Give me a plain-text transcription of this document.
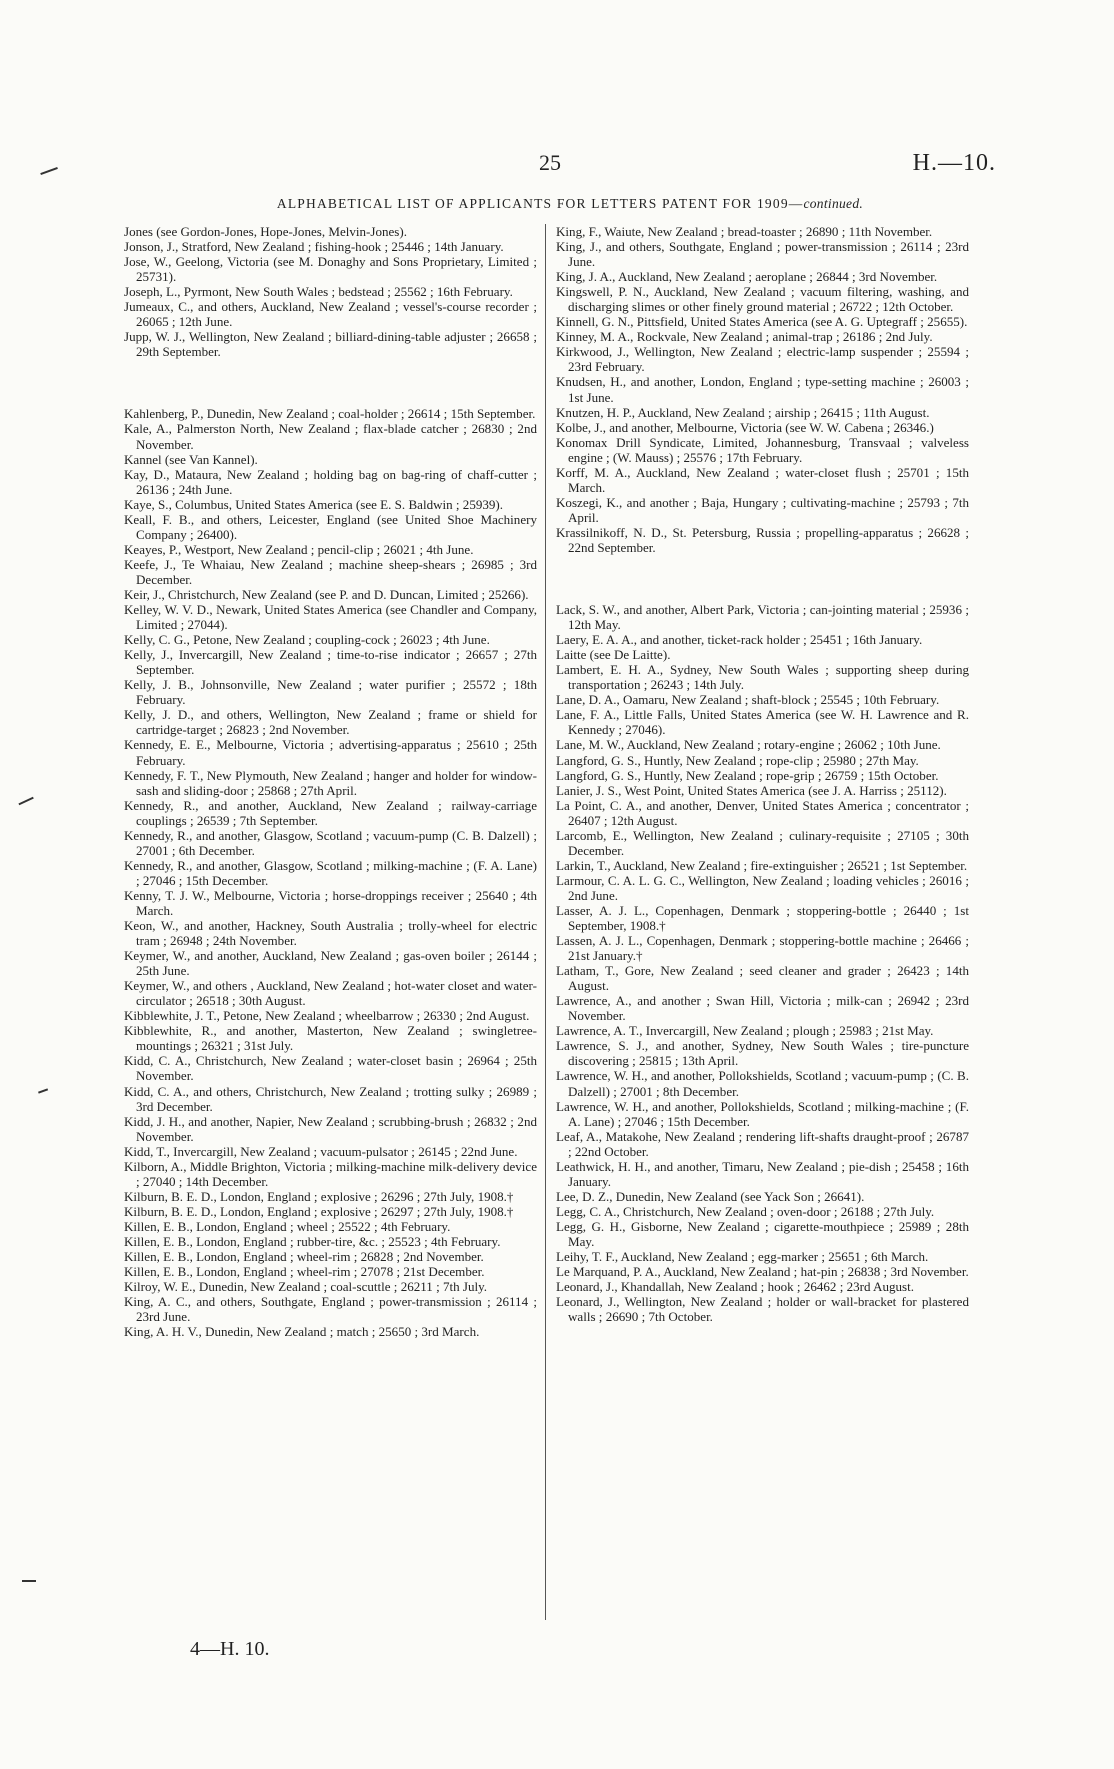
25	H.—10.
ALPHABETICAL LIST OF APPLICANTS FOR LETTERS PATENT FOR 1909—continued.

Jones (see Gordon-Jones, Hope-Jones, Melvin-Jones).

Jonson, J., Stratford, New Zealand ; fishing-hook ; 25446 ; 14th January.

Jose, W., Geelong, Victoria (see M. Donaghy and Sons Proprietary, Limited ; 25731).

Joseph, L., Pyrmont, New South Wales ; bedstead ; 25562 ; 16th February.

Jumeaux, C., and others, Auckland, New Zealand ; vessel's-course recorder ; 26065 ; 12th June.

Jupp, W. J., Wellington, New Zealand ; billiard-dining-table adjuster ; 26658 ; 29th September.

Kahlenberg, P., Dunedin, New Zealand ; coal-holder ; 26614 ; 15th September.

Kale, A., Palmerston North, New Zealand ; flax-blade catcher ; 26830 ; 2nd November.

Kannel (see Van Kannel).

Kay, D., Mataura, New Zealand ; holding bag on bag-ring of chaff-cutter ; 26136 ; 24th June.

Kaye, S., Columbus, United States America (see E. S. Baldwin ; 25939).

Keall, F. B., and others, Leicester, England (see United Shoe Machinery Company ; 26400).

Keayes, P., Westport, New Zealand ; pencil-clip ; 26021 ; 4th June.

Keefe, J., Te Whaiau, New Zealand ; machine sheep-shears ; 26985 ; 3rd December.

Keir, J., Christchurch, New Zealand (see P. and D. Duncan, Limited ; 25266).

Kelley, W. V. D., Newark, United States America (see Chandler and Company, Limited ; 27044).

Kelly, C. G., Petone, New Zealand ; coupling-cock ; 26023 ; 4th June.

Kelly, J., Invercargill, New Zealand ; time-to-rise indicator ; 26657 ; 27th September.

Kelly, J. B., Johnsonville, New Zealand ; water purifier ; 25572 ; 18th February.

Kelly, J. D., and others, Wellington, New Zealand ; frame or shield for cartridge-target ; 26823 ; 2nd November.

Kennedy, E. E., Melbourne, Victoria ; advertising-apparatus ; 25610 ; 25th February.

Kennedy, F. T., New Plymouth, New Zealand ; hanger and holder for window-sash and sliding-door ; 25868 ; 27th April.

Kennedy, R., and another, Auckland, New Zealand ; railway-carriage couplings ; 26539 ; 7th September.

Kennedy, R., and another, Glasgow, Scotland ; vacuum-pump (C. B. Dalzell) ; 27001 ; 6th December.

Kennedy, R., and another, Glasgow, Scotland ; milking-machine ; (F. A. Lane) ; 27046 ; 15th December.

Kenny, T. J. W., Melbourne, Victoria ; horse-droppings receiver ; 25640 ; 4th March.

Keon, W., and another, Hackney, South Australia ; trolly-wheel for electric tram ; 26948 ; 24th November.

Keymer, W., and another, Auckland, New Zealand ; gas-oven boiler ; 26144 ; 25th June.

Keymer, W., and others , Auckland, New Zealand ; hot-water closet and water-circulator ; 26518 ; 30th August.

Kibblewhite, J. T., Petone, New Zealand ; wheelbarrow ; 26330 ; 2nd August.

Kibblewhite, R., and another, Masterton, New Zealand ; swingletree-mountings ; 26321 ; 31st July.

Kidd, C. A., Christchurch, New Zealand ; water-closet basin ; 26964 ; 25th November.

Kidd, C. A., and others, Christchurch, New Zealand ; trotting sulky ; 26989 ; 3rd December.

Kidd, J. H., and another, Napier, New Zealand ; scrubbing-brush ; 26832 ; 2nd November.

Kidd, T., Invercargill, New Zealand ; vacuum-pulsator ; 26145 ; 22nd June.

Kilborn, A., Middle Brighton, Victoria ; milking-machine milk-delivery device ; 27040 ; 14th December.

Kilburn, B. E. D., London, England ; explosive ; 26296 ; 27th July, 1908.†

Kilburn, B. E. D., London, England ; explosive ; 26297 ; 27th July, 1908.†

Killen, E. B., London, England ; wheel ; 25522 ; 4th February.

Killen, E. B., London, England ; rubber-tire, &c. ; 25523 ; 4th February.

Killen, E. B., London, England ; wheel-rim ; 26828 ; 2nd November.

Killen, E. B., London, England ; wheel-rim ; 27078 ; 21st December.

Kilroy, W. E., Dunedin, New Zealand ; coal-scuttle ; 26211 ; 7th July.

King, A. C., and others, Southgate, England ; power-transmission ; 26114 ; 23rd June.

King, A. H. V., Dunedin, New Zealand ; match ; 25650 ; 3rd March.

King, F., Waiute, New Zealand ; bread-toaster ; 26890 ; 11th November.

King, J., and others, Southgate, England ; power-transmission ; 26114 ; 23rd June.

King, J. A., Auckland, New Zealand ; aeroplane ; 26844 ; 3rd November.

Kingswell, P. N., Auckland, New Zealand ; vacuum filtering, washing, and discharging slimes or other finely ground material ; 26722 ; 12th October.

Kinnell, G. N., Pittsfield, United States America (see A. G. Uptegraff ; 25655).

Kinney, M. A., Rockvale, New Zealand ; animal-trap ; 26186 ; 2nd July.

Kirkwood, J., Wellington, New Zealand ; electric-lamp suspender ; 25594 ; 23rd February.

Knudsen, H., and another, London, England ; type-setting machine ; 26003 ; 1st June.

Knutzen, H. P., Auckland, New Zealand ; airship ; 26415 ; 11th August.

Kolbe, J., and another, Melbourne, Victoria (see W. W. Cabena ; 26346.)

Konomax Drill Syndicate, Limited, Johannesburg, Transvaal ; valveless engine ; (W. Mauss) ; 25576 ; 17th February.

Korff, M. A., Auckland, New Zealand ; water-closet flush ; 25701 ; 15th March.

Koszegi, K., and another ; Baja, Hungary ; cultivating-machine ; 25793 ; 7th April.

Krassilnikoff, N. D., St. Petersburg, Russia ; propelling-apparatus ; 26628 ; 22nd September.

Lack, S. W., and another, Albert Park, Victoria ; can-jointing material ; 25936 ; 12th May.

Laery, E. A. A., and another, ticket-rack holder ; 25451 ; 16th January.

Laitte (see De Laitte).

Lambert, E. H. A., Sydney, New South Wales ; supporting sheep during transportation ; 26243 ; 14th July.

Lane, D. A., Oamaru, New Zealand ; shaft-block ; 25545 ; 10th February.

Lane, F. A., Little Falls, United States America (see W. H. Lawrence and R. Kennedy ; 27046).

Lane, M. W., Auckland, New Zealand ; rotary-engine ; 26062 ; 10th June.

Langford, G. S., Huntly, New Zealand ; rope-clip ; 25980 ; 27th May.

Langford, G. S., Huntly, New Zealand ; rope-grip ; 26759 ; 15th October.

Lanier, J. S., West Point, United States America (see J. A. Harriss ; 25112).

La Point, C. A., and another, Denver, United States America ; concentrator ; 26407 ; 12th August.

Larcomb, E., Wellington, New Zealand ; culinary-requisite ; 27105 ; 30th December.

Larkin, T., Auckland, New Zealand ; fire-extinguisher ; 26521 ; 1st September.

Larmour, C. A. L. G. C., Wellington, New Zealand ; loading vehicles ; 26016 ; 2nd June.

Lasser, A. J. L., Copenhagen, Denmark ; stoppering-bottle ; 26440 ; 1st September, 1908.†

Lassen, A. J. L., Copenhagen, Denmark ; stoppering-bottle machine ; 26466 ; 21st January.†

Latham, T., Gore, New Zealand ; seed cleaner and grader ; 26423 ; 14th August.

Lawrence, A., and another ; Swan Hill, Victoria ; milk-can ; 26942 ; 23rd November.

Lawrence, A. T., Invercargill, New Zealand ; plough ; 25983 ; 21st May.

Lawrence, S. J., and another, Sydney, New South Wales ; tire-puncture discovering ; 25815 ; 13th April.

Lawrence, W. H., and another, Pollokshields, Scotland ; vacuum-pump ; (C. B. Dalzell) ; 27001 ; 8th December.

Lawrence, W. H., and another, Pollokshields, Scotland ; milking-machine ; (F. A. Lane) ; 27046 ; 15th December.

Leaf, A., Matakohe, New Zealand ; rendering lift-shafts draught-proof ; 26787 ; 22nd October.

Leathwick, H. H., and another, Timaru, New Zealand ; pie-dish ; 25458 ; 16th January.

Lee, D. Z., Dunedin, New Zealand (see Yack Son ; 26641).

Legg, C. A., Christchurch, New Zealand ; oven-door ; 26188 ; 27th July.

Legg, G. H., Gisborne, New Zealand ; cigarette-mouthpiece ; 25989 ; 28th May.

Leihy, T. F., Auckland, New Zealand ; egg-marker ; 25651 ; 6th March.

Le Marquand, P. A., Auckland, New Zealand ; hat-pin ; 26838 ; 3rd November.

Leonard, J., Khandallah, New Zealand ; hook ; 26462 ; 23rd August.

Leonard, J., Wellington, New Zealand ; holder or wall-bracket for plastered walls ; 26690 ; 7th October.

4—H. 10.
